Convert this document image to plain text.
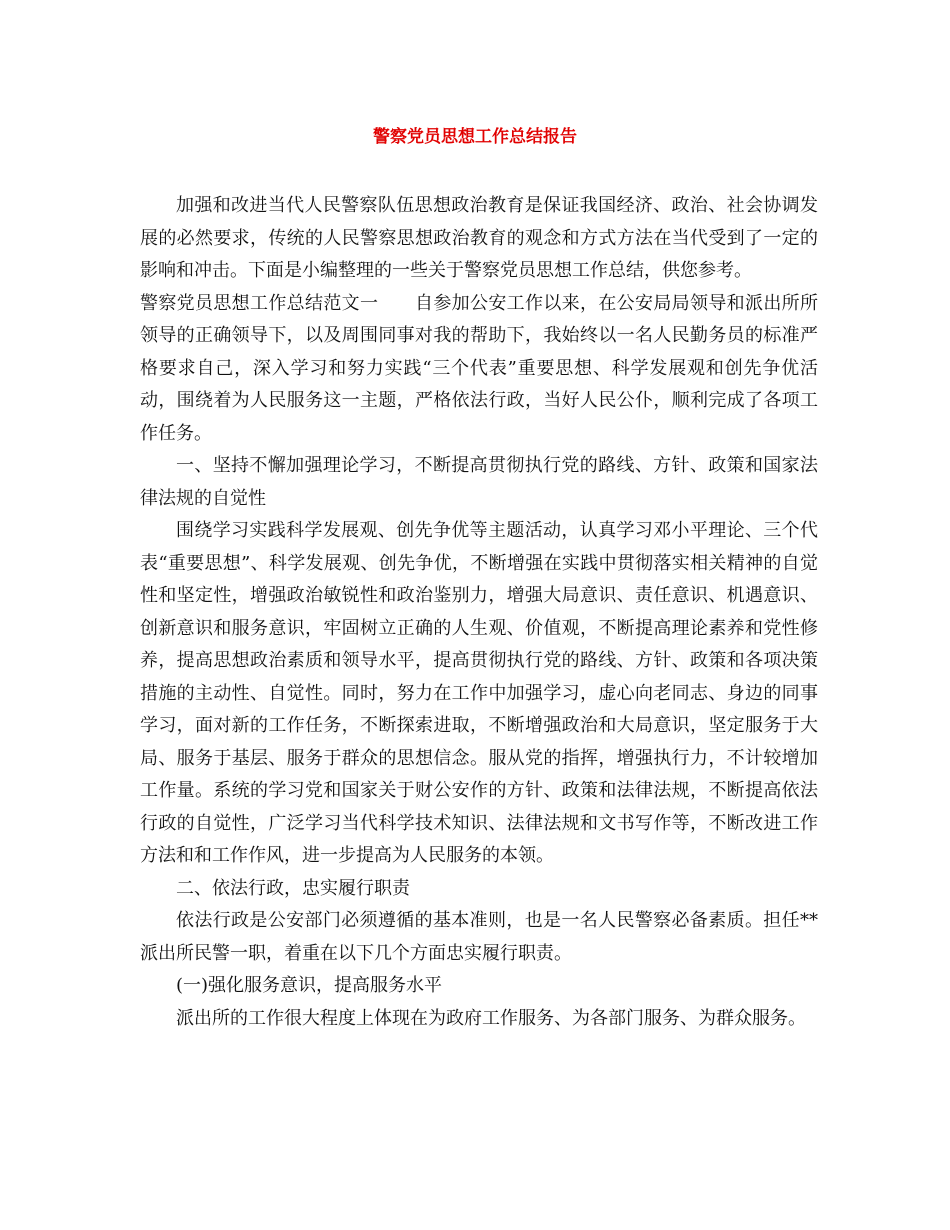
警察党员思想工作总结报告

加强和改进当代人民警察队伍思想政治教育是保证我国经济、政治、社会协调发展的必然要求，传统的人民警察思想政治教育的观念和方式方法在当代受到了一定的影响和冲击。下面是小编整理的一些关于警察党员思想工作总结，供您参考。

警察党员思想工作总结范文一　　自参加公安工作以来，在公安局局领导和派出所所领导的正确领导下，以及周围同事对我的帮助下，我始终以一名人民勤务员的标准严格要求自己，深入学习和努力实践“三个代表”重要思想、科学发展观和创先争优活动，围绕着为人民服务这一主题，严格依法行政，当好人民公仆，顺利完成了各项工作任务。

一、坚持不懈加强理论学习，不断提高贯彻执行党的路线、方针、政策和国家法律法规的自觉性

围绕学习实践科学发展观、创先争优等主题活动，认真学习邓小平理论、三个代表“重要思想”、科学发展观、创先争优，不断增强在实践中贯彻落实相关精神的自觉性和坚定性，增强政治敏锐性和政治鉴别力，增强大局意识、责任意识、机遇意识、创新意识和服务意识，牢固树立正确的人生观、价值观，不断提高理论素养和党性修养，提高思想政治素质和领导水平，提高贯彻执行党的路线、方针、政策和各项决策措施的主动性、自觉性。同时，努力在工作中加强学习，虚心向老同志、身边的同事学习，面对新的工作任务，不断探索进取，不断增强政治和大局意识，坚定服务于大局、服务于基层、服务于群众的思想信念。服从党的指挥，增强执行力，不计较增加工作量。系统的学习党和国家关于财公安作的方针、政策和法律法规，不断提高依法行政的自觉性，广泛学习当代科学技术知识、法律法规和文书写作等，不断改进工作方法和和工作作风，进一步提高为人民服务的本领。

二、依法行政，忠实履行职责

依法行政是公安部门必须遵循的基本准则，也是一名人民警察必备素质。担任**派出所民警一职，着重在以下几个方面忠实履行职责。

(一)强化服务意识，提高服务水平

派出所的工作很大程度上体现在为政府工作服务、为各部门服务、为群众服务。
